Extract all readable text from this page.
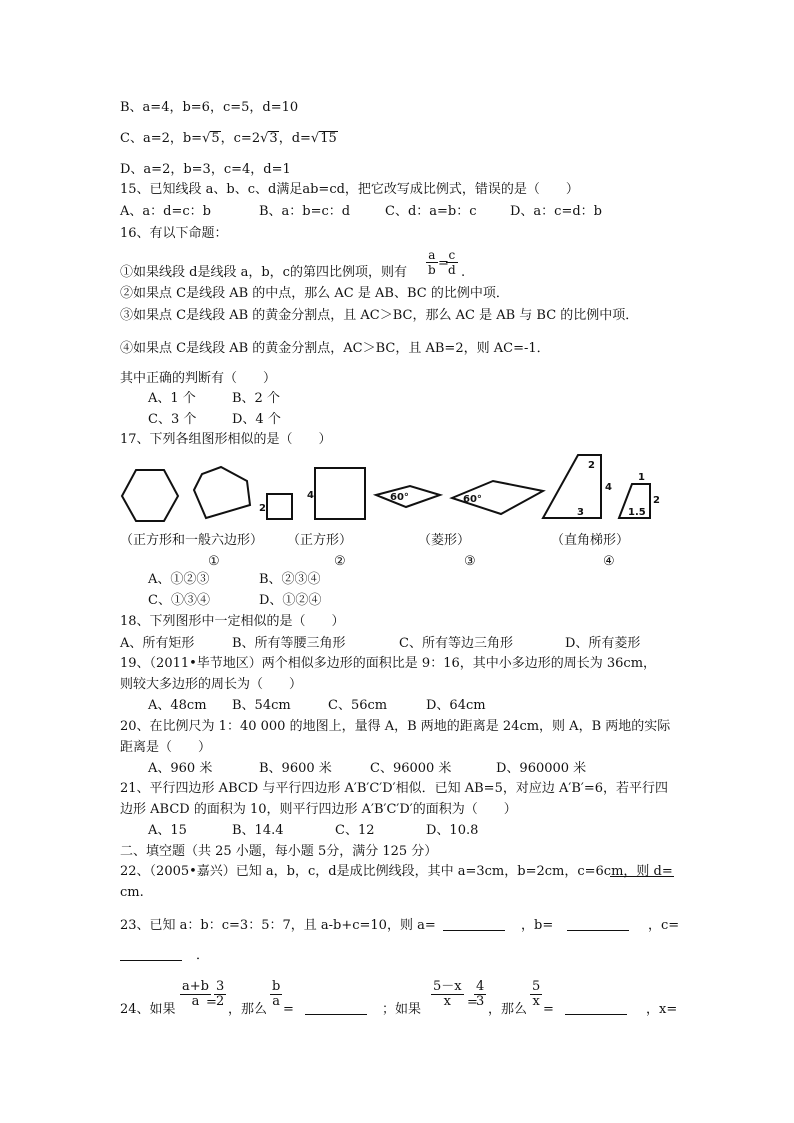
B、a=4，b=6，c=5，d=10
C、a=2，b=√5，c=2√3，d=√15
D、a=2，b=3，c=4，d=1
15、已知线段 a、b、c、d满足ab=cd，把它改写成比例式，错误的是（　　）
A、a：d=c：b	B、a：b=c：d	C、d：a=b：c	D、a：c=d：b
16、有以下命题：
①如果线段 d是线段 a，b，c的第四比例项，则有 $\frac{a}{b}$ =
$\frac{c}{d}$ .
②如果点 C是线段 AB 的中点，那么 AC 是 AB、BC 的比例中项．
③如果点 C是线段 AB 的黄金分割点，且 AC＞BC，那么 AC 是 AB 与 BC 的比例中项．
④如果点 C是线段 AB 的黄金分割点，AC＞BC，且 AB=2，则 AC=-1．
其中正确的判断有（　　）
A、1 个	B、2 个
C、3 个	D、4 个
17、下列各组图形相似的是（　　）
2
4	60°	60°
2
4
3
1
2
1.5
（正方形和一般六边形） （正方形）	（菱形）	（直角梯形）
①	②	③	④
A、①②③	B、②③④
C、①③④	D、①②④
18、下列图形中一定相似的是（　　）
A、所有矩形	B、所有等腰三角形	C、所有等边三角形	D、所有菱形
19、（2011•毕节地区）两个相似多边形的面积比是 9：16，其中小多边形的周长为 36cm，
则较大多边形的周长为（　　）
A、48cm B、54cm	C、56cm	D、64cm
20、在比例尺为 1：40 000 的地图上，量得 A，B 两地的距离是 24cm，则 A，B 两地的实际
距离是（　　）
A、960 米	B、9600 米	C、96000 米	D、960000 米
21、平行四边形 ABCD 与平行四边形 A′B′C′D′相似．已知 AB=5，对应边 A′B′=6，若平行四
边形 ABCD 的面积为 10，则平行四边形 A′B′C′D′的面积为（　　）
A、15	B、14.4	C、12	D、10.8
二、填空题（共 25 小题，每小题 5分，满分 125 分）
22、（2005•嘉兴）已知 a，b，c，d是成比例线段，其中 a=3cm，b=2cm，c=6cm，则 d=
cm.
23、已知 a：b：c=3：5：7，且 a-b+c=10，则 a=	，b=	，c=
．
24、如果
$\frac{a+b}{a}$
=
$\frac{3}{2}$
，那么
$\frac{b}{a}$
=	；如果
$\frac{5-x}{x}$ =
$\frac{4}{3}$
，那么
$\frac{5}{x}$
=	，x=
